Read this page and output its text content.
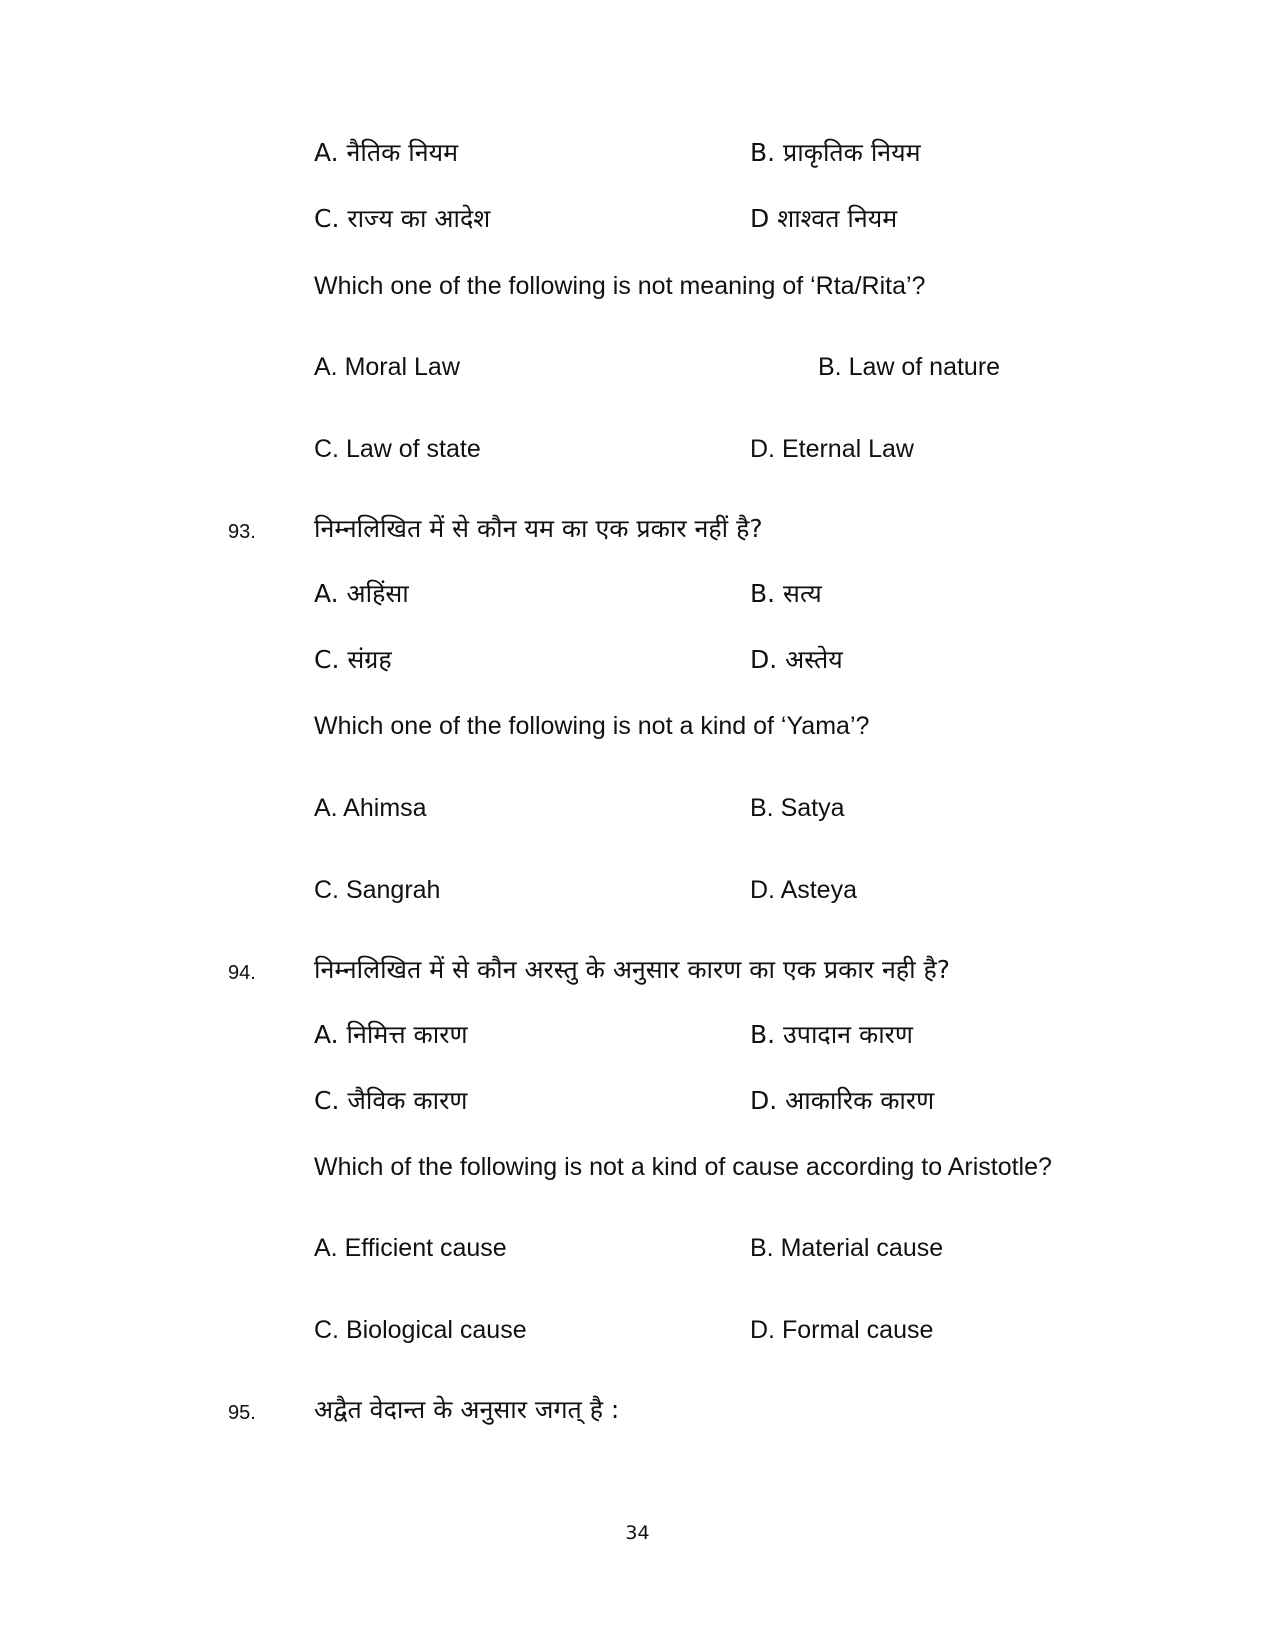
A. नैतिक नियम	B. प्राकृतिक नियम
C. राज्य का आदेश	D शाश्वत नियम
Which one of the following is not meaning of ‘Rta/Rita’?
A. Moral Law	B. Law of nature
C. Law of state	D. Eternal Law
93. निम्नलिखित में से कौन यम का एक प्रकार नहीं है?
A. अहिंसा	B. सत्य
C. संग्रह	D. अस्तेय
Which one of the following is not a kind of ‘Yama’?
A. Ahimsa	B. Satya
C. Sangrah	D. Asteya
94. निम्नलिखित में से कौन अरस्तु के अनुसार कारण का एक प्रकार नही है?
A. निमित्त कारण	B. उपादान कारण
C. जैविक कारण	D. आकारिक कारण
Which of the following is not a kind of cause according to Aristotle?
A. Efficient cause	B. Material cause
C. Biological cause	D. Formal cause
95. अद्वैत वेदान्त के अनुसार जगत् है :
34
